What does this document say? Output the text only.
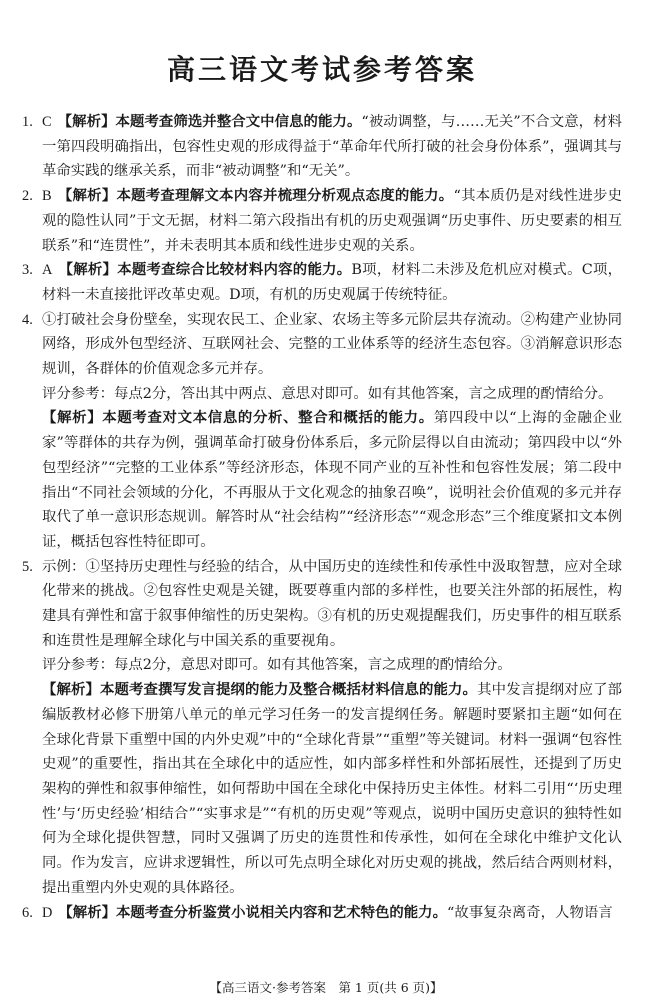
高三语文考试参考答案
1. C 【解析】本题考查筛选并整合文中信息的能力。“被动调整，与……无关”不合文意，材料一第四段明确指出，包容性史观的形成得益于“革命年代所打破的社会身份体系”，强调其与革命实践的继承关系，而非“被动调整”和“无关”。

2. B 【解析】本题考查理解文本内容并梳理分析观点态度的能力。“其本质仍是对线性进步史观的隐性认同”于文无据，材料二第六段指出有机的历史观强调“历史事件、历史要素的相互联系”和“连贯性”，并未表明其本质和线性进步史观的关系。

3. A 【解析】本题考查综合比较材料内容的能力。B项，材料二未涉及危机应对模式。C项，材料一未直接批评改革史观。D项，有机的历史观属于传统特征。

4. ①打破社会身份壁垒，实现农民工、企业家、农场主等多元阶层共存流动。②构建产业协同网络，形成外包型经济、互联网社会、完整的工业体系等的经济生态包容。③消解意识形态规训，各群体的价值观念多元并存。

评分参考：每点2分，答出其中两点、意思对即可。如有其他答案，言之成理的酌情给分。

【解析】本题考查对文本信息的分析、整合和概括的能力。第四段中以“上海的金融企业家”等群体的共存为例，强调革命打破身份体系后，多元阶层得以自由流动；第四段中以“外包型经济”“完整的工业体系”等经济形态，体现不同产业的互补性和包容性发展；第二段中指出“不同社会领域的分化，不再服从于文化观念的抽象召唤”，说明社会价值观的多元并存取代了单一意识形态规训。解答时从“社会结构”“经济形态”“观念形态”三个维度紧扣文本例证，概括包容性特征即可。

5. 示例：①坚持历史理性与经验的结合，从中国历史的连续性和传承性中汲取智慧，应对全球化带来的挑战。②包容性史观是关键，既要尊重内部的多样性，也要关注外部的拓展性，构建具有弹性和富于叙事伸缩性的历史架构。③有机的历史观提醒我们，历史事件的相互联系和连贯性是理解全球化与中国关系的重要视角。

评分参考：每点2分，意思对即可。如有其他答案，言之成理的酌情给分。

【解析】本题考查撰写发言提纲的能力及整合概括材料信息的能力。其中发言提纲对应了部编版教材必修下册第八单元的单元学习任务一的发言提纲任务。解题时要紧扣主题“如何在全球化背景下重塑中国的内外史观”中的“全球化背景”“重塑”等关键词。材料一强调“包容性史观”的重要性，指出其在全球化中的适应性，如内部多样性和外部拓展性，还提到了历史架构的弹性和叙事伸缩性，如何帮助中国在全球化中保持历史主体性。材料二引用“‘历史理性’与‘历史经验’相结合”“实事求是”“有机的历史观”等观点，说明中国历史意识的独特性如何为全球化提供智慧，同时又强调了历史的连贯性和传承性，如何在全球化中维护文化认同。作为发言，应讲求逻辑性，所以可先点明全球化对历史观的挑战，然后结合两则材料，提出重塑内外史观的具体路径。

6. D 【解析】本题考查分析鉴赏小说相关内容和艺术特色的能力。“故事复杂离奇，人物语言

【高三语文·参考答案　第 1 页(共 6 页)】
